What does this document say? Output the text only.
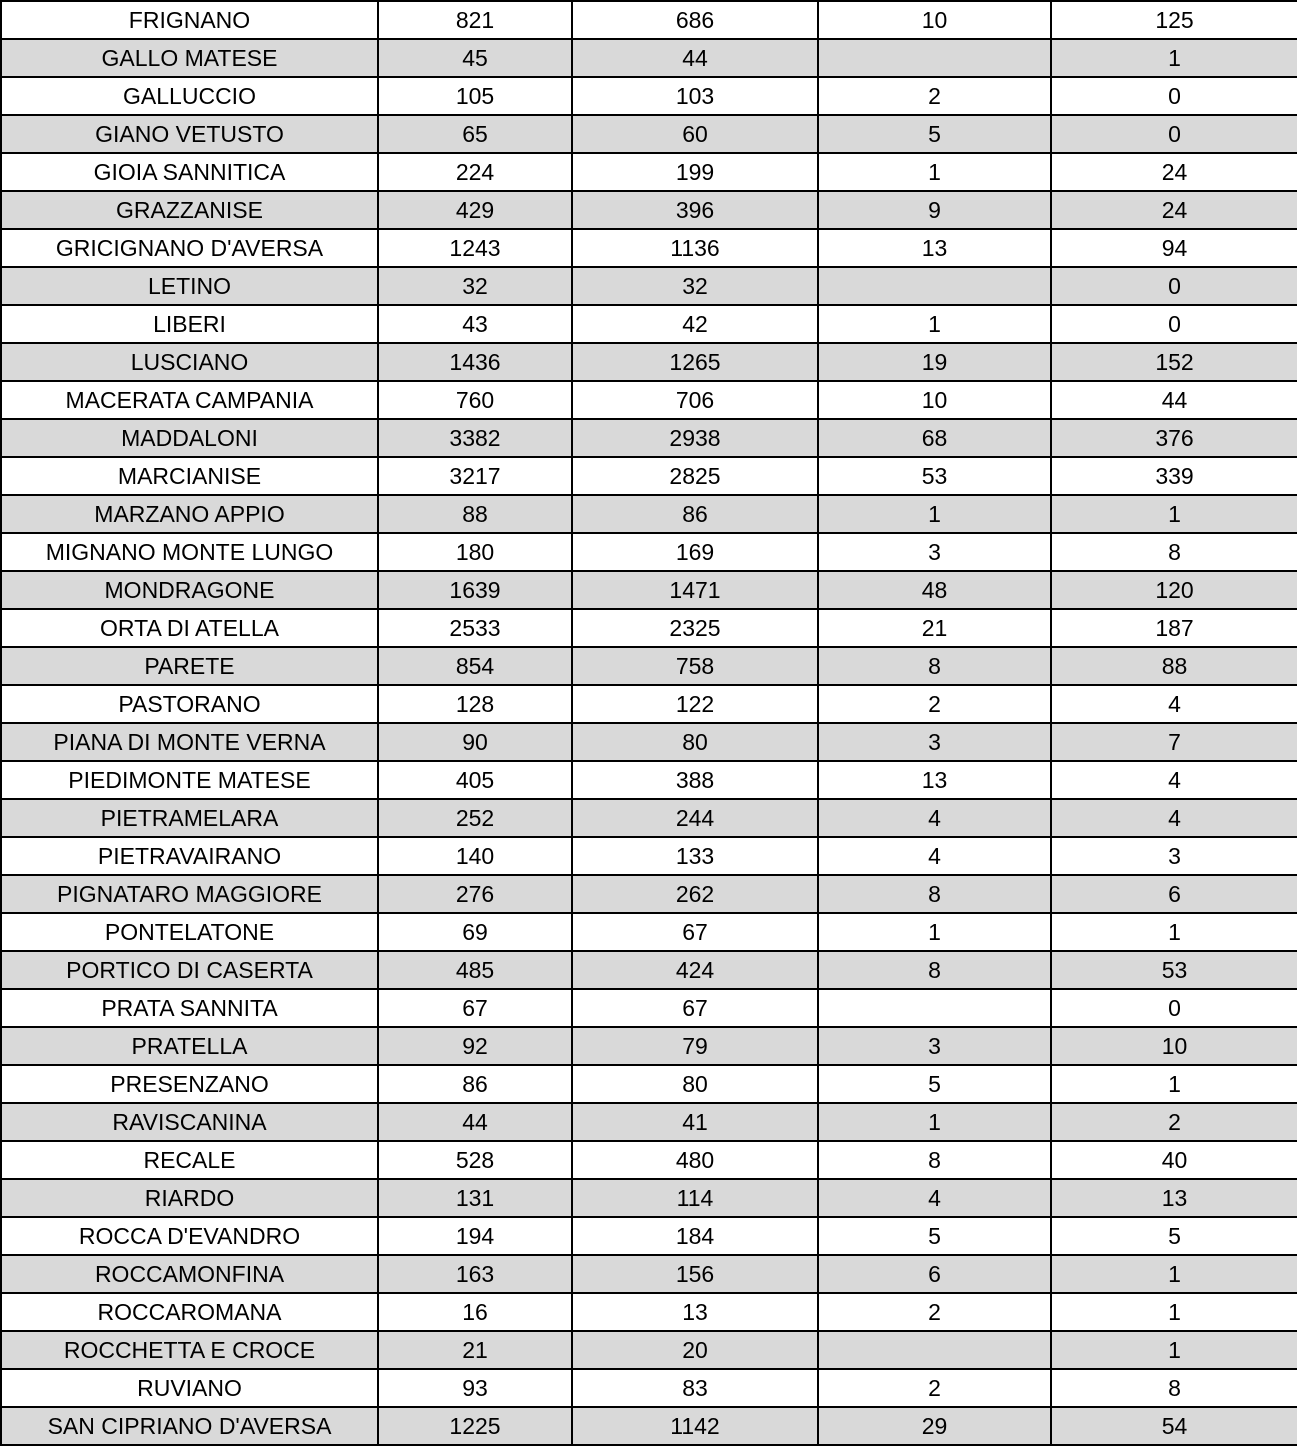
FRIGNANO	821	686	10	125
GALLO MATESE	45	44		1
GALLUCCIO	105	103	2	0
GIANO VETUSTO	65	60	5	0
GIOIA SANNITICA	224	199	1	24
GRAZZANISE	429	396	9	24
GRICIGNANO D'AVERSA	1243	1136	13	94
LETINO	32	32		0
LIBERI	43	42	1	0
LUSCIANO	1436	1265	19	152
MACERATA CAMPANIA	760	706	10	44
MADDALONI	3382	2938	68	376
MARCIANISE	3217	2825	53	339
MARZANO APPIO	88	86	1	1
MIGNANO MONTE LUNGO	180	169	3	8
MONDRAGONE	1639	1471	48	120
ORTA DI ATELLA	2533	2325	21	187
PARETE	854	758	8	88
PASTORANO	128	122	2	4
PIANA DI MONTE VERNA	90	80	3	7
PIEDIMONTE MATESE	405	388	13	4
PIETRAMELARA	252	244	4	4
PIETRAVAIRANO	140	133	4	3
PIGNATARO MAGGIORE	276	262	8	6
PONTELATONE	69	67	1	1
PORTICO DI CASERTA	485	424	8	53
PRATA SANNITA	67	67		0
PRATELLA	92	79	3	10
PRESENZANO	86	80	5	1
RAVISCANINA	44	41	1	2
RECALE	528	480	8	40
RIARDO	131	114	4	13
ROCCA D'EVANDRO	194	184	5	5
ROCCAMONFINA	163	156	6	1
ROCCAROMANA	16	13	2	1
ROCCHETTA E CROCE	21	20		1
RUVIANO	93	83	2	8
SAN CIPRIANO D'AVERSA	1225	1142	29	54
